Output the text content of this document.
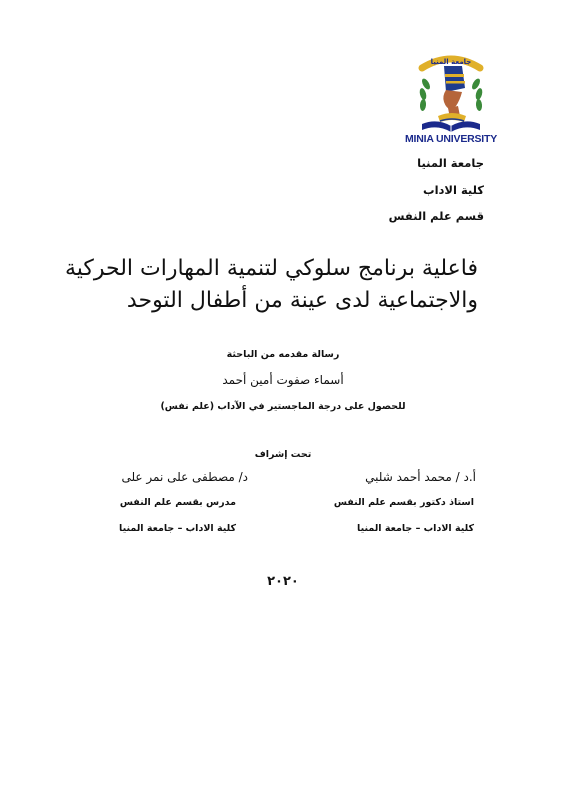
جامعة المنيا
MINIA UNIVERSITY
جامعة المنيا
كلية الاداب
قسم علم النفس
فاعلية برنامج سلوكي لتنمية المهارات الحركية
والاجتماعية لدى عينة من أطفال التوحد
رسالة مقدمه من الباحثة
أسماء صفوت أمين أحمد
للحصول على درجة الماجستير في الآداب (علم نفس)
تحت إشراف
أ.د / محمد أحمد شلبي
استاذ دكتور بقسم علم النفس
كلية الاداب – جامعة المنيا
د/ مصطفى على نمر على
مدرس بقسم علم النفس
كلية الاداب – جامعة المنيا
٢٠٢٠
